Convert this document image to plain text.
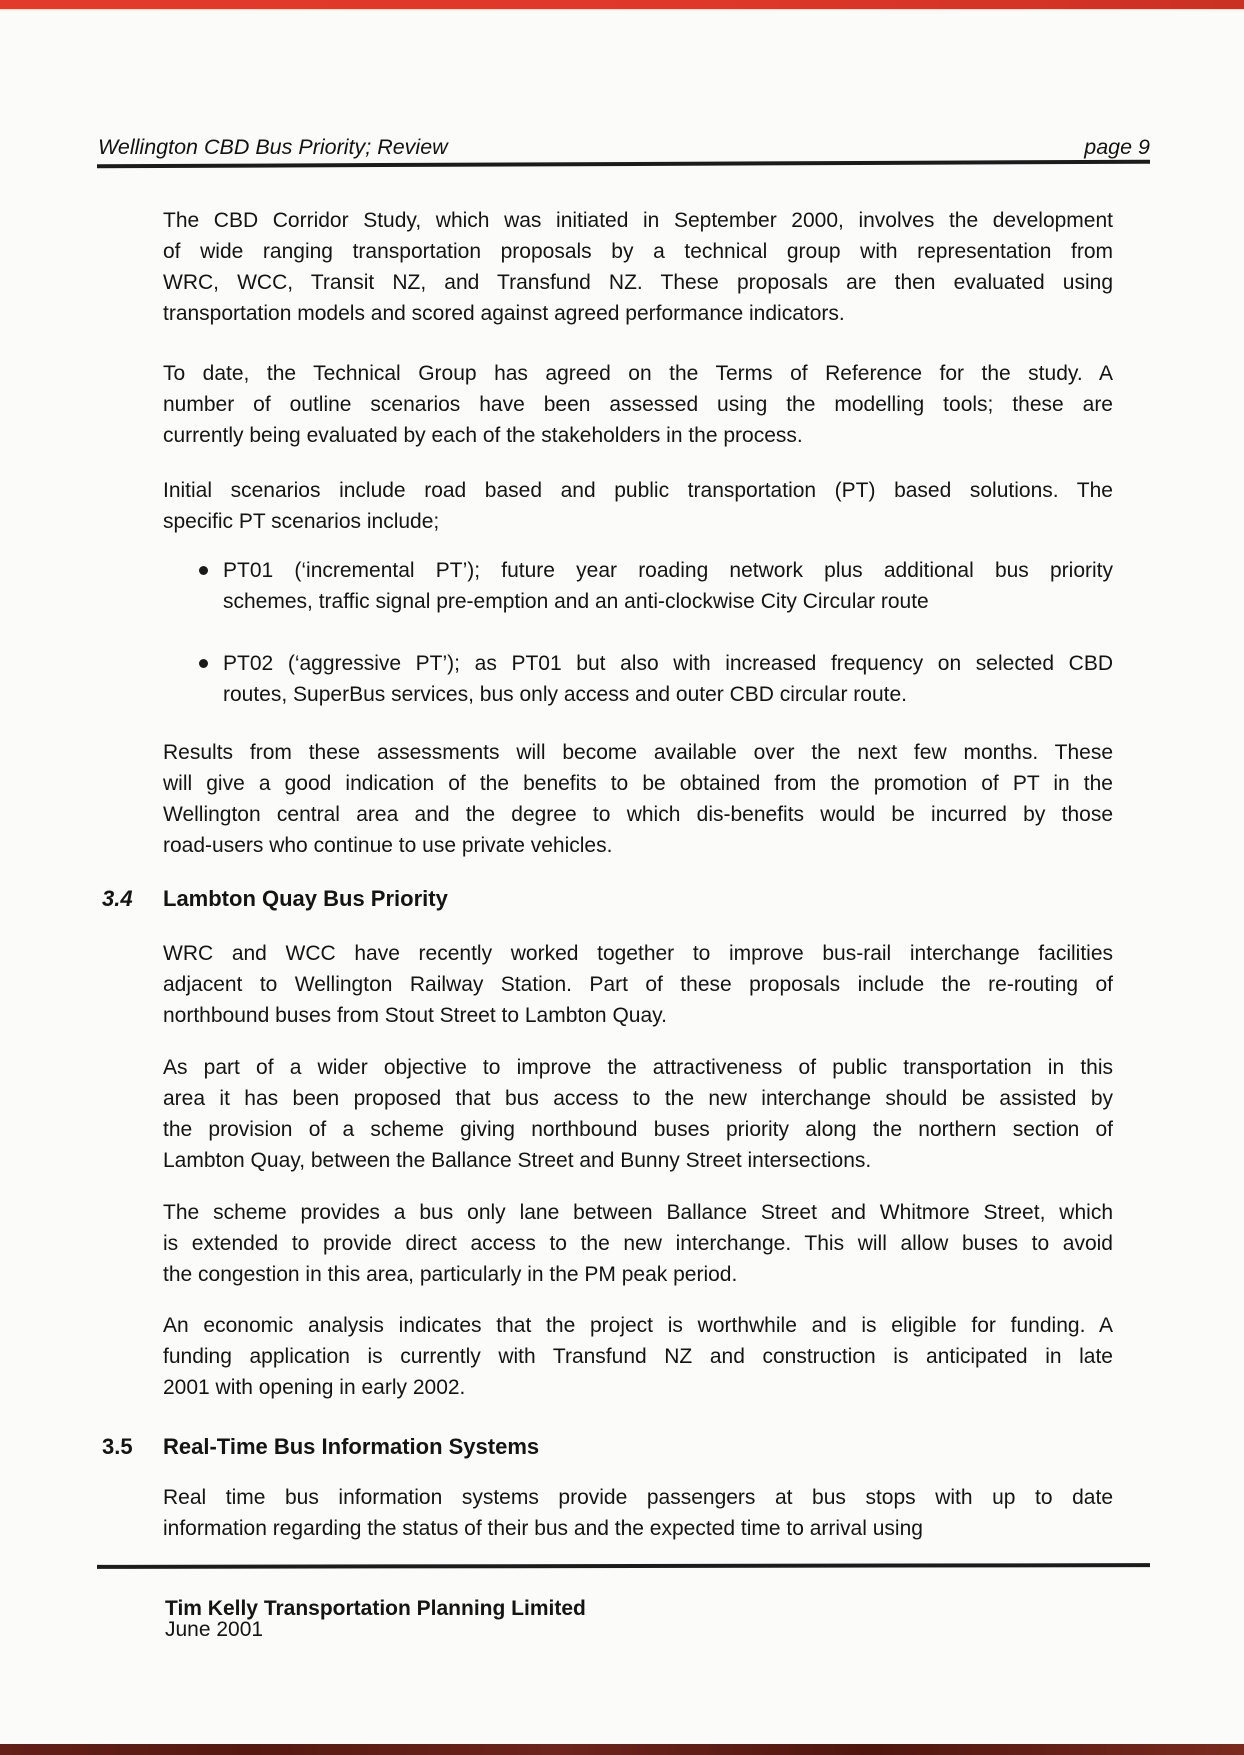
Wellington CBD Bus Priority; Review	page 9
The CBD Corridor Study, which was initiated in September 2000, involves the development
of wide ranging transportation proposals by a technical group with representation from
WRC, WCC, Transit NZ, and Transfund NZ. These proposals are then evaluated using
transportation models and scored against agreed performance indicators.
To date, the Technical Group has agreed on the Terms of Reference for the study. A
number of outline scenarios have been assessed using the modelling tools; these are
currently being evaluated by each of the stakeholders in the process.
Initial scenarios include road based and public transportation (PT) based solutions. The
specific PT scenarios include;
PT01 (‘incremental PT’); future year roading network plus additional bus priority
schemes, traffic signal pre-emption and an anti-clockwise City Circular route
PT02 (‘aggressive PT’); as PT01 but also with increased frequency on selected CBD
routes, SuperBus services, bus only access and outer CBD circular route.
Results from these assessments will become available over the next few months. These
will give a good indication of the benefits to be obtained from the promotion of PT in the
Wellington central area and the degree to which dis-benefits would be incurred by those
road-users who continue to use private vehicles.
3.4 Lambton Quay Bus Priority
WRC and WCC have recently worked together to improve bus-rail interchange facilities
adjacent to Wellington Railway Station. Part of these proposals include the re-routing of
northbound buses from Stout Street to Lambton Quay.
As part of a wider objective to improve the attractiveness of public transportation in this
area it has been proposed that bus access to the new interchange should be assisted by
the provision of a scheme giving northbound buses priority along the northern section of
Lambton Quay, between the Ballance Street and Bunny Street intersections.
The scheme provides a bus only lane between Ballance Street and Whitmore Street, which
is extended to provide direct access to the new interchange. This will allow buses to avoid
the congestion in this area, particularly in the PM peak period.
An economic analysis indicates that the project is worthwhile and is eligible for funding. A
funding application is currently with Transfund NZ and construction is anticipated in late
2001 with opening in early 2002.
3.5 Real-Time Bus Information Systems
Real time bus information systems provide passengers at bus stops with up to date
information regarding the status of their bus and the expected time to arrival using
Tim Kelly Transportation Planning Limited
June 2001
